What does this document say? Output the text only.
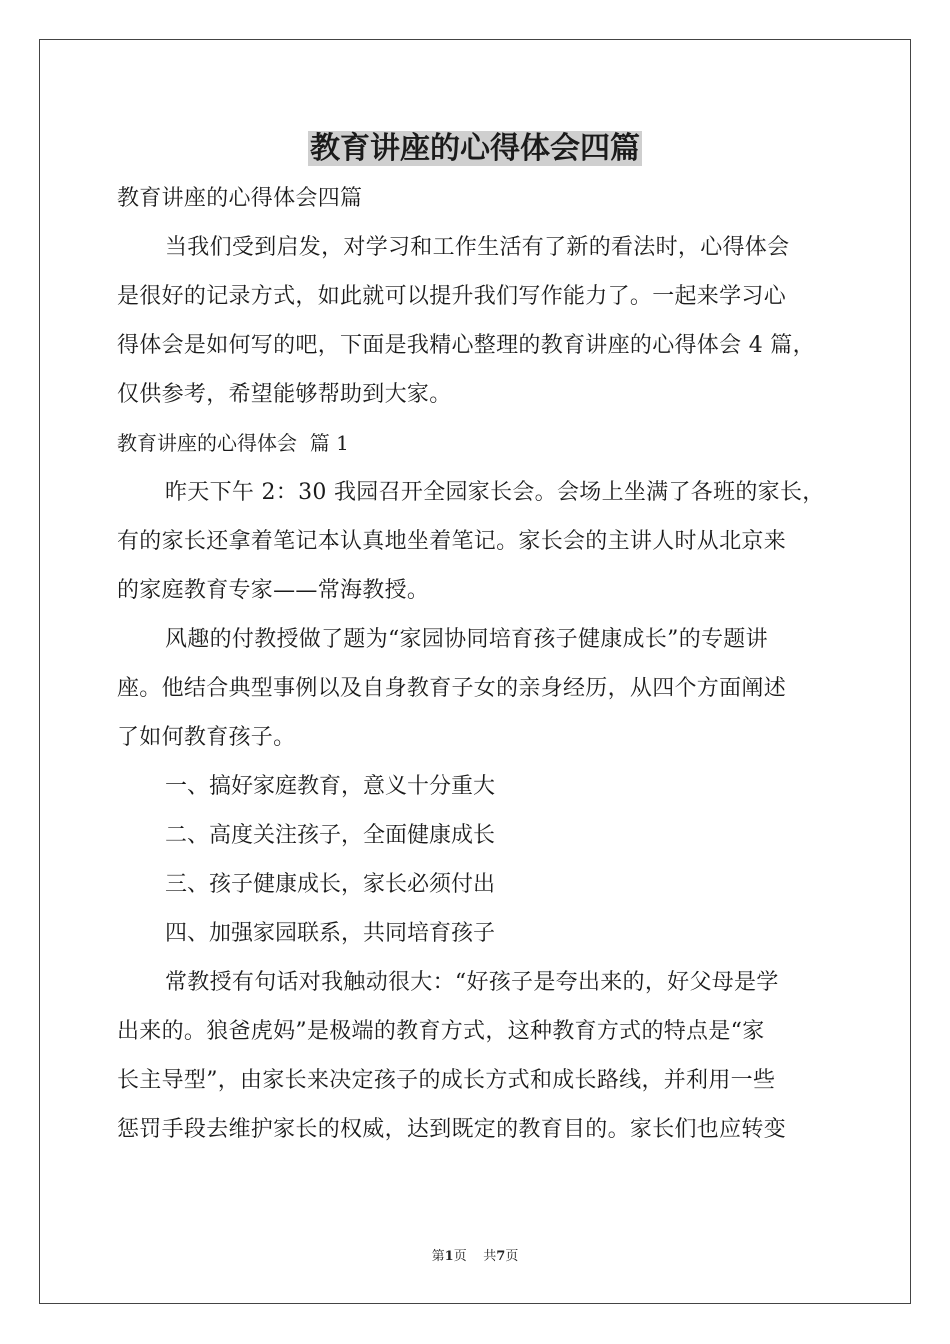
教育讲座的心得体会四篇

教育讲座的心得体会四篇

当我们受到启发，对学习和工作生活有了新的看法时，心得体会

是很好的记录方式，如此就可以提升我们写作能力了。一起来学习心

得体会是如何写的吧，下面是我精心整理的教育讲座的心得体会 4 篇，

仅供参考，希望能够帮助到大家。

教育讲座的心得体会  篇 1

昨天下午 2：30 我园召开全园家长会。会场上坐满了各班的家长，

有的家长还拿着笔记本认真地坐着笔记。家长会的主讲人时从北京来

的家庭教育专家——常海教授。

风趣的付教授做了题为“家园协同培育孩子健康成长”的专题讲

座。他结合典型事例以及自身教育子女的亲身经历，从四个方面阐述

了如何教育孩子。

一、搞好家庭教育，意义十分重大

二、高度关注孩子，全面健康成长

三、孩子健康成长，家长必须付出

四、加强家园联系，共同培育孩子

常教授有句话对我触动很大：“好孩子是夸出来的，好父母是学

出来的。狼爸虎妈”是极端的教育方式，这种教育方式的特点是“家

长主导型”，由家长来决定孩子的成长方式和成长路线，并利用一些

惩罚手段去维护家长的权威，达到既定的教育目的。家长们也应转变

第1页 共7页
